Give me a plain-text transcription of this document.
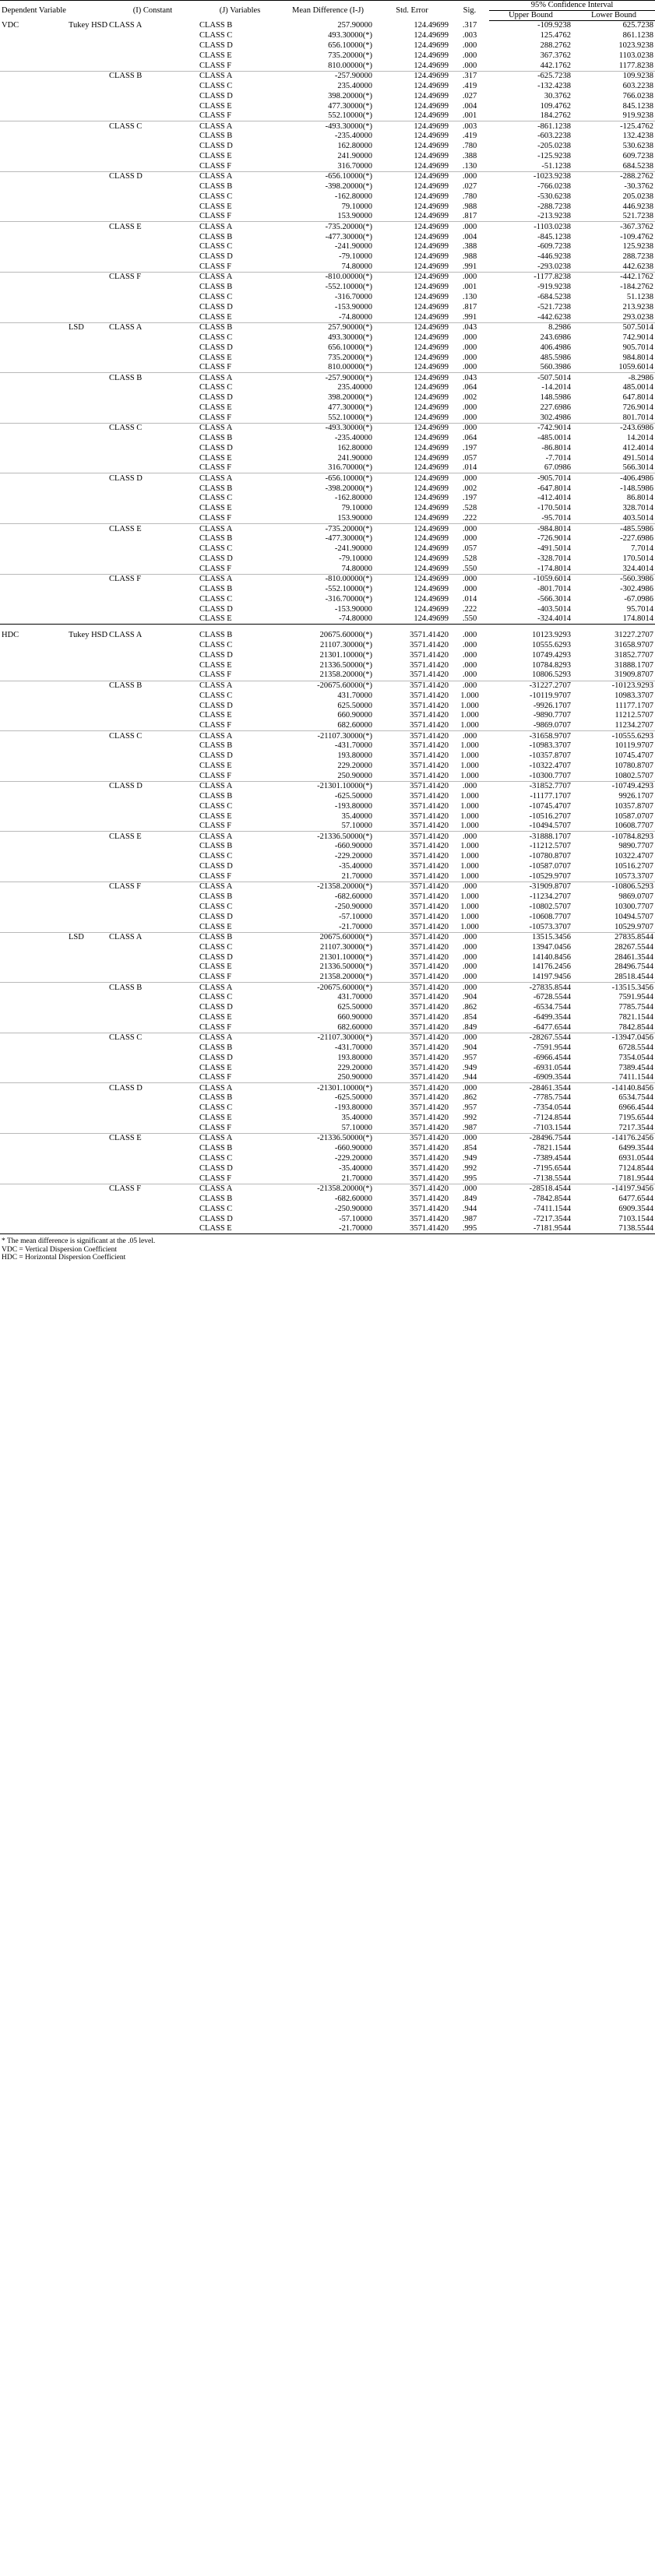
Dependent Variable		(I) Constant	(J) Variables	Mean Difference (I-J)	Std. Error	Sig.	95% Confidence Interval	
							Upper Bound	Lower Bound
VDC	Tukey HSD	CLASS A	CLASS B	257.90000	124.49699	.317	-109.9238	625.7238
			CLASS C	493.30000(*)	124.49699	.003	125.4762	861.1238
			CLASS D	656.10000(*)	124.49699	.000	288.2762	1023.9238
			CLASS E	735.20000(*)	124.49699	.000	367.3762	1103.0238
			CLASS F	810.00000(*)	124.49699	.000	442.1762	1177.8238
		CLASS B	CLASS A	-257.90000	124.49699	.317	-625.7238	109.9238
			CLASS C	235.40000	124.49699	.419	-132.4238	603.2238
			CLASS D	398.20000(*)	124.49699	.027	30.3762	766.0238
			CLASS E	477.30000(*)	124.49699	.004	109.4762	845.1238
			CLASS F	552.10000(*)	124.49699	.001	184.2762	919.9238
		CLASS C	CLASS A	-493.30000(*)	124.49699	.003	-861.1238	-125.4762
			CLASS B	-235.40000	124.49699	.419	-603.2238	132.4238
			CLASS D	162.80000	124.49699	.780	-205.0238	530.6238
			CLASS E	241.90000	124.49699	.388	-125.9238	609.7238
			CLASS F	316.70000	124.49699	.130	-51.1238	684.5238
		CLASS D	CLASS A	-656.10000(*)	124.49699	.000	-1023.9238	-288.2762
			CLASS B	-398.20000(*)	124.49699	.027	-766.0238	-30.3762
			CLASS C	-162.80000	124.49699	.780	-530.6238	205.0238
			CLASS E	79.10000	124.49699	.988	-288.7238	446.9238
			CLASS F	153.90000	124.49699	.817	-213.9238	521.7238
		CLASS E	CLASS A	-735.20000(*)	124.49699	.000	-1103.0238	-367.3762
			CLASS B	-477.30000(*)	124.49699	.004	-845.1238	-109.4762
			CLASS C	-241.90000	124.49699	.388	-609.7238	125.9238
			CLASS D	-79.10000	124.49699	.988	-446.9238	288.7238
			CLASS F	74.80000	124.49699	.991	-293.0238	442.6238
		CLASS F	CLASS A	-810.00000(*)	124.49699	.000	-1177.8238	-442.1762
			CLASS B	-552.10000(*)	124.49699	.001	-919.9238	-184.2762
			CLASS C	-316.70000	124.49699	.130	-684.5238	51.1238
			CLASS D	-153.90000	124.49699	.817	-521.7238	213.9238
			CLASS E	-74.80000	124.49699	.991	-442.6238	293.0238
	LSD	CLASS A	CLASS B	257.90000(*)	124.49699	.043	8.2986	507.5014
			CLASS C	493.30000(*)	124.49699	.000	243.6986	742.9014
			CLASS D	656.10000(*)	124.49699	.000	406.4986	905.7014
			CLASS E	735.20000(*)	124.49699	.000	485.5986	984.8014
			CLASS F	810.00000(*)	124.49699	.000	560.3986	1059.6014
		CLASS B	CLASS A	-257.90000(*)	124.49699	.043	-507.5014	-8.2986
			CLASS C	235.40000	124.49699	.064	-14.2014	485.0014
			CLASS D	398.20000(*)	124.49699	.002	148.5986	647.8014
			CLASS E	477.30000(*)	124.49699	.000	227.6986	726.9014
			CLASS F	552.10000(*)	124.49699	.000	302.4986	801.7014
		CLASS C	CLASS A	-493.30000(*)	124.49699	.000	-742.9014	-243.6986
			CLASS B	-235.40000	124.49699	.064	-485.0014	14.2014
			CLASS D	162.80000	124.49699	.197	-86.8014	412.4014
			CLASS E	241.90000	124.49699	.057	-7.7014	491.5014
			CLASS F	316.70000(*)	124.49699	.014	67.0986	566.3014
		CLASS D	CLASS A	-656.10000(*)	124.49699	.000	-905.7014	-406.4986
			CLASS B	-398.20000(*)	124.49699	.002	-647.8014	-148.5986
			CLASS C	-162.80000	124.49699	.197	-412.4014	86.8014
			CLASS E	79.10000	124.49699	.528	-170.5014	328.7014
			CLASS F	153.90000	124.49699	.222	-95.7014	403.5014
		CLASS E	CLASS A	-735.20000(*)	124.49699	.000	-984.8014	-485.5986
			CLASS B	-477.30000(*)	124.49699	.000	-726.9014	-227.6986
			CLASS C	-241.90000	124.49699	.057	-491.5014	7.7014
			CLASS D	-79.10000	124.49699	.528	-328.7014	170.5014
			CLASS F	74.80000	124.49699	.550	-174.8014	324.4014
		CLASS F	CLASS A	-810.00000(*)	124.49699	.000	-1059.6014	-560.3986
			CLASS B	-552.10000(*)	124.49699	.000	-801.7014	-302.4986
			CLASS C	-316.70000(*)	124.49699	.014	-566.3014	-67.0986
			CLASS D	-153.90000	124.49699	.222	-403.5014	95.7014
			CLASS E	-74.80000	124.49699	.550	-324.4014	174.8014
HDC	Tukey HSD	CLASS A	CLASS B	20675.60000(*)	3571.41420	.000	10123.9293	31227.2707
			CLASS C	21107.30000(*)	3571.41420	.000	10555.6293	31658.9707
			CLASS D	21301.10000(*)	3571.41420	.000	10749.4293	31852.7707
			CLASS E	21336.50000(*)	3571.41420	.000	10784.8293	31888.1707
			CLASS F	21358.20000(*)	3571.41420	.000	10806.5293	31909.8707
		CLASS B	CLASS A	-20675.60000(*)	3571.41420	.000	-31227.2707	-10123.9293
			CLASS C	431.70000	3571.41420	1.000	-10119.9707	10983.3707
			CLASS D	625.50000	3571.41420	1.000	-9926.1707	11177.1707
			CLASS E	660.90000	3571.41420	1.000	-9890.7707	11212.5707
			CLASS F	682.60000	3571.41420	1.000	-9869.0707	11234.2707
		CLASS C	CLASS A	-21107.30000(*)	3571.41420	.000	-31658.9707	-10555.6293
			CLASS B	-431.70000	3571.41420	1.000	-10983.3707	10119.9707
			CLASS D	193.80000	3571.41420	1.000	-10357.8707	10745.4707
			CLASS E	229.20000	3571.41420	1.000	-10322.4707	10780.8707
			CLASS F	250.90000	3571.41420	1.000	-10300.7707	10802.5707
		CLASS D	CLASS A	-21301.10000(*)	3571.41420	.000	-31852.7707	-10749.4293
			CLASS B	-625.50000	3571.41420	1.000	-11177.1707	9926.1707
			CLASS C	-193.80000	3571.41420	1.000	-10745.4707	10357.8707
			CLASS E	35.40000	3571.41420	1.000	-10516.2707	10587.0707
			CLASS F	57.10000	3571.41420	1.000	-10494.5707	10608.7707
		CLASS E	CLASS A	-21336.50000(*)	3571.41420	.000	-31888.1707	-10784.8293
			CLASS B	-660.90000	3571.41420	1.000	-11212.5707	9890.7707
			CLASS C	-229.20000	3571.41420	1.000	-10780.8707	10322.4707
			CLASS D	-35.40000	3571.41420	1.000	-10587.0707	10516.2707
			CLASS F	21.70000	3571.41420	1.000	-10529.9707	10573.3707
		CLASS F	CLASS A	-21358.20000(*)	3571.41420	.000	-31909.8707	-10806.5293
			CLASS B	-682.60000	3571.41420	1.000	-11234.2707	9869.0707
			CLASS C	-250.90000	3571.41420	1.000	-10802.5707	10300.7707
			CLASS D	-57.10000	3571.41420	1.000	-10608.7707	10494.5707
			CLASS E	-21.70000	3571.41420	1.000	-10573.3707	10529.9707
	LSD	CLASS A	CLASS B	20675.60000(*)	3571.41420	.000	13515.3456	27835.8544
			CLASS C	21107.30000(*)	3571.41420	.000	13947.0456	28267.5544
			CLASS D	21301.10000(*)	3571.41420	.000	14140.8456	28461.3544
			CLASS E	21336.50000(*)	3571.41420	.000	14176.2456	28496.7544
			CLASS F	21358.20000(*)	3571.41420	.000	14197.9456	28518.4544
		CLASS B	CLASS A	-20675.60000(*)	3571.41420	.000	-27835.8544	-13515.3456
			CLASS C	431.70000	3571.41420	.904	-6728.5544	7591.9544
			CLASS D	625.50000	3571.41420	.862	-6534.7544	7785.7544
			CLASS E	660.90000	3571.41420	.854	-6499.3544	7821.1544
			CLASS F	682.60000	3571.41420	.849	-6477.6544	7842.8544
		CLASS C	CLASS A	-21107.30000(*)	3571.41420	.000	-28267.5544	-13947.0456
			CLASS B	-431.70000	3571.41420	.904	-7591.9544	6728.5544
			CLASS D	193.80000	3571.41420	.957	-6966.4544	7354.0544
			CLASS E	229.20000	3571.41420	.949	-6931.0544	7389.4544
			CLASS F	250.90000	3571.41420	.944	-6909.3544	7411.1544
		CLASS D	CLASS A	-21301.10000(*)	3571.41420	.000	-28461.3544	-14140.8456
			CLASS B	-625.50000	3571.41420	.862	-7785.7544	6534.7544
			CLASS C	-193.80000	3571.41420	.957	-7354.0544	6966.4544
			CLASS E	35.40000	3571.41420	.992	-7124.8544	7195.6544
			CLASS F	57.10000	3571.41420	.987	-7103.1544	7217.3544
		CLASS E	CLASS A	-21336.50000(*)	3571.41420	.000	-28496.7544	-14176.2456
			CLASS B	-660.90000	3571.41420	.854	-7821.1544	6499.3544
			CLASS C	-229.20000	3571.41420	.949	-7389.4544	6931.0544
			CLASS D	-35.40000	3571.41420	.992	-7195.6544	7124.8544
			CLASS F	21.70000	3571.41420	.995	-7138.5544	7181.9544
		CLASS F	CLASS A	-21358.20000(*)	3571.41420	.000	-28518.4544	-14197.9456
			CLASS B	-682.60000	3571.41420	.849	-7842.8544	6477.6544
			CLASS C	-250.90000	3571.41420	.944	-7411.1544	6909.3544
			CLASS D	-57.10000	3571.41420	.987	-7217.3544	7103.1544
			CLASS E	-21.70000	3571.41420	.995	-7181.9544	7138.5544
* The mean difference is significant at the .05 level.
VDC = Vertical Dispersion Coefficient
HDC = Horizontal Dispersion Coefficient
